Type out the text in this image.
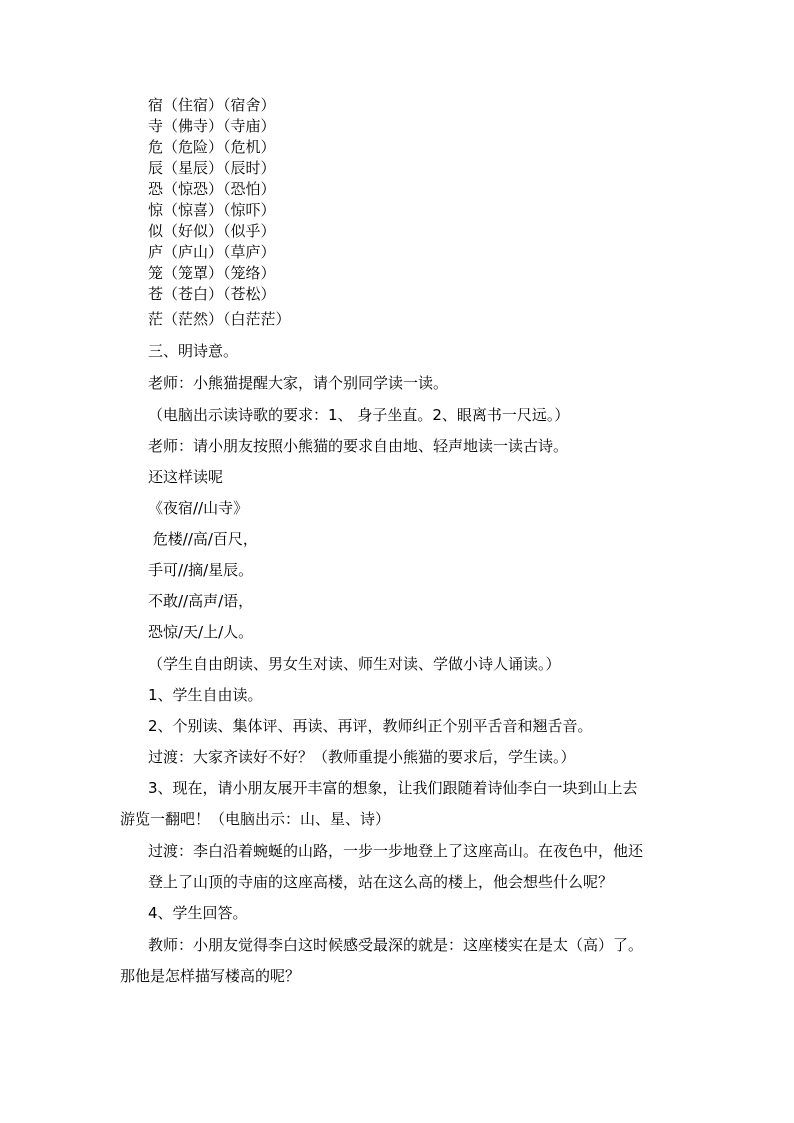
宿（住宿）（宿舍）
寺（佛寺）（寺庙）
危（危险）（危机）
辰（星辰）（辰时）
恐（惊恐）（恐怕）
惊（惊喜）（惊吓）
似（好似）（似乎）
庐（庐山）（草庐）
笼（笼罩）（笼络）
苍（苍白）（苍松）
茫（茫然）（白茫茫）
三、明诗意。
老师：小熊猫提醒大家，请个别同学读一读。
（电脑出示读诗歌的要求：1、 身子坐直。2、眼离书一尺远。）
老师：请小朋友按照小熊猫的要求自由地、轻声地读一读古诗。
还这样读呢
《夜宿//山寺》
危楼//高/百尺，
手可//摘/星辰。
不敢//高声/语，
恐惊/天/上/人。
（学生自由朗读、男女生对读、师生对读、学做小诗人诵读。）
1、学生自由读。
2、个别读、集体评、再读、再评，教师纠正个别平舌音和翘舌音。
过渡：大家齐读好不好？（教师重提小熊猫的要求后，学生读。）
3、现在，请小朋友展开丰富的想象，让我们跟随着诗仙李白一块到山上去
游览一翻吧！（电脑出示：山、星、诗）
过渡：李白沿着蜿蜒的山路，一步一步地登上了这座高山。在夜色中，他还
登上了山顶的寺庙的这座高楼，站在这么高的楼上，他会想些什么呢？
4、学生回答。
教师：小朋友觉得李白这时候感受最深的就是：这座楼实在是太（高）了。
那他是怎样描写楼高的呢？
